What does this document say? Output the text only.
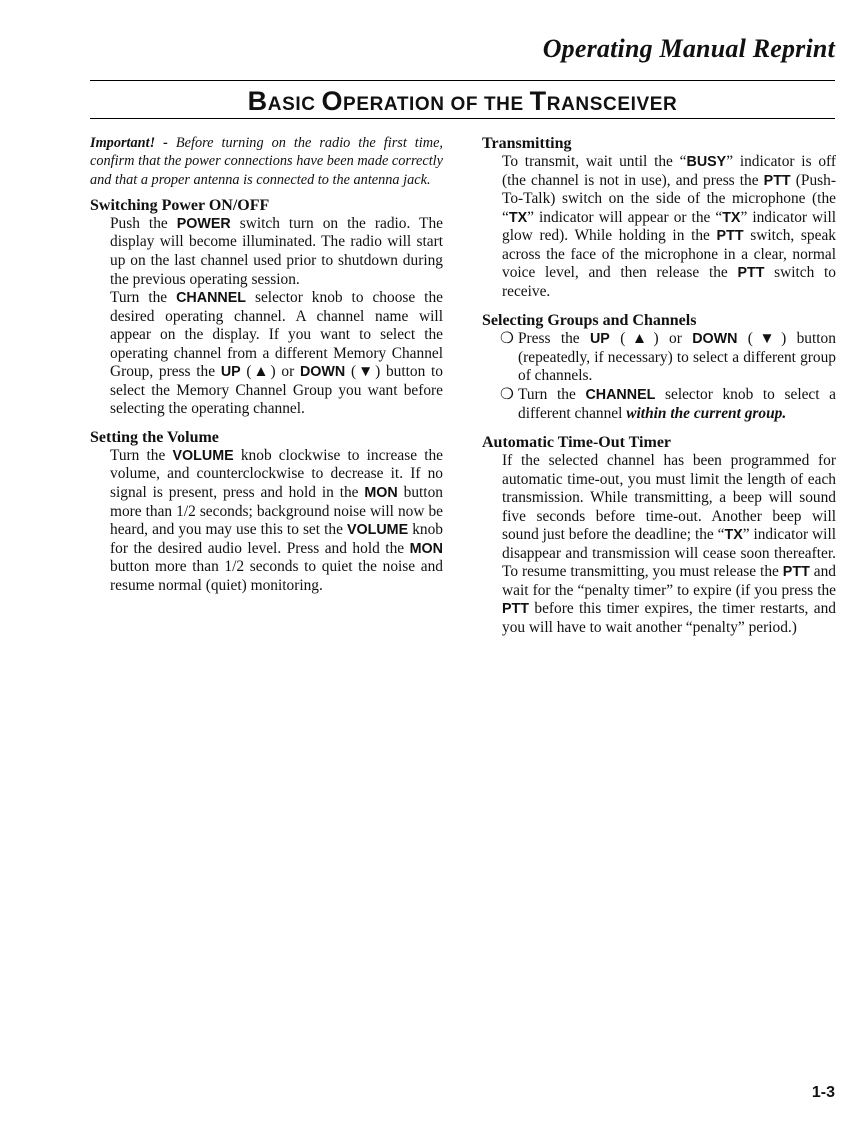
Operating Manual Reprint
BASIC OPERATION OF THE TRANSCEIVER

Important! - Before turning on the radio the first time, confirm that the power connections have been made correctly and that a proper antenna is connected to the antenna jack.

Switching Power ON/OFF

Push the POWER switch turn on the radio. The display will become illuminated. The radio will start up on the last channel used prior to shutdown during the previous operating session.

Turn the CHANNEL selector knob to choose the desired operating channel. A channel name will appear on the display. If you want to select the operating channel from a different Memory Channel Group, press the UP (▲) or DOWN (▼) button to select the Memory Channel Group you want before selecting the operating channel.

Setting the Volume

Turn the VOLUME knob clockwise to increase the volume, and counterclockwise to decrease it. If no signal is present, press and hold in the MON button more than 1/2 seconds; background noise will now be heard, and you may use this to set the VOLUME knob for the desired audio level. Press and hold the MON button more than 1/2 seconds to quiet the noise and resume normal (quiet) monitoring.

Transmitting

To transmit, wait until the “BUSY” indicator is off (the channel is not in use), and press the PTT (Push-To-Talk) switch on the side of the microphone (the “TX” indicator will appear or the “TX” indicator will glow red). While holding in the PTT switch, speak across the face of the microphone in a clear, normal voice level, and then release the PTT switch to receive.

Selecting Groups and Channels
❍ Press the UP (▲) or DOWN (▼) button (repeatedly, if necessary) to select a different group of channels.
❍ Turn the CHANNEL selector knob to select a different channel within the current group.
Automatic Time-Out Timer

If the selected channel has been programmed for automatic time-out, you must limit the length of each transmission. While transmitting, a beep will sound five seconds before time-out. Another beep will sound just before the deadline; the “TX” indicator will disappear and transmission will cease soon thereafter. To resume transmitting, you must release the PTT and wait for the “penalty timer” to expire (if you press the PTT before this timer expires, the timer restarts, and you will have to wait another “penalty” period.)

1-3
